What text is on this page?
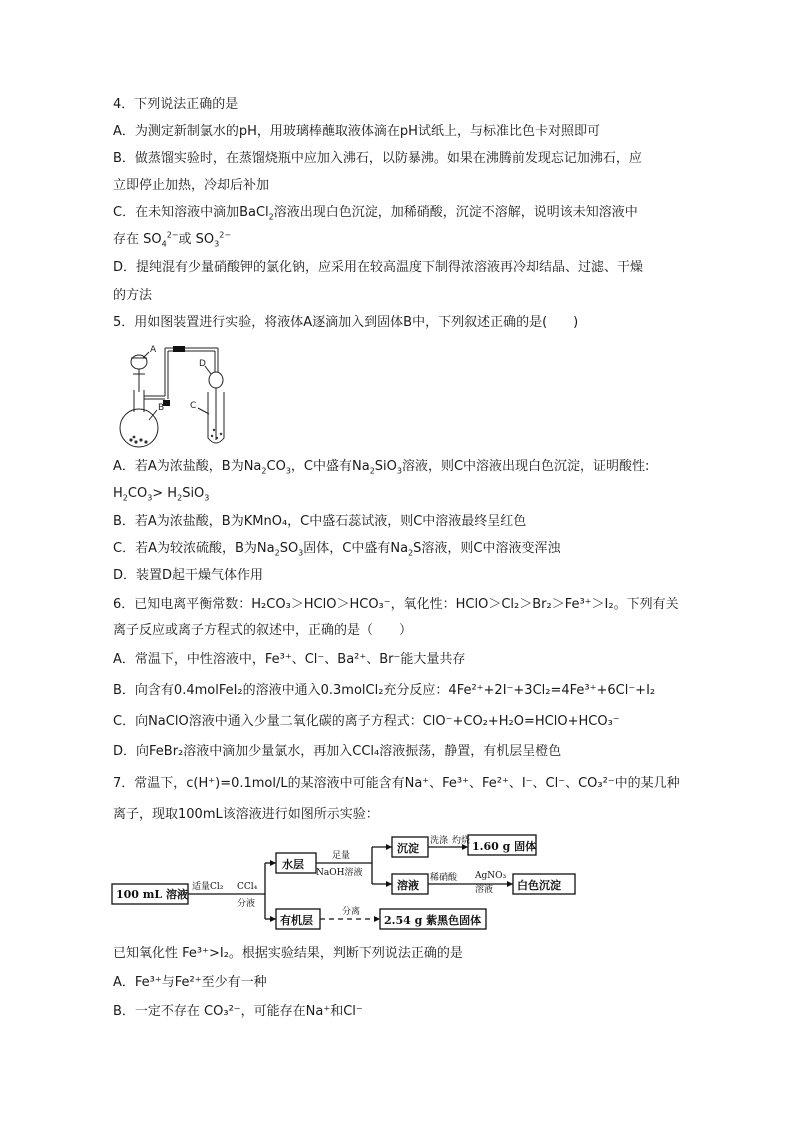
4．下列说法正确的是
A．为测定新制氯水的pH，用玻璃棒蘸取液体滴在pH试纸上，与标准比色卡对照即可
B．做蒸馏实验时，在蒸馏烧瓶中应加入沸石，以防暴沸。如果在沸腾前发现忘记加沸石，应
立即停止加热，冷却后补加
C．在未知溶液中滴加BaCl$_2$溶液出现白色沉淀，加稀硝酸，沉淀不溶解，说明该未知溶液中
存在 $SO_4^{2-}$或 $SO_3^{2-}$
D．提纯混有少量硝酸钾的氯化钠，应采用在较高温度下制得浓溶液再冷却结晶、过滤、干燥
的方法
5．用如图装置进行实验，将液体A逐滴加入到固体B中，下列叙述正确的是(　　)
A
B	C
D
A．若A为浓盐酸，B为$Na_2CO_3$，C中盛有$Na_2SiO_3$溶液，则C中溶液出现白色沉淀，证明酸性:
$H_2CO_3> H_2SiO_3$
B．若A为浓盐酸，B为KMnO₄，C中盛石蕊试液，则C中溶液最终呈红色
C．若A为较浓硫酸，B为$Na_2SO_3$固体，C中盛有$Na_2S$溶液，则C中溶液变浑浊
D．装置D起干燥气体作用
6．已知电离平衡常数：H₂CO₃＞HClO＞HCO₃⁻，氧化性：HClO＞Cl₂＞Br₂＞Fe³⁺＞I₂。下列有关
离子反应或离子方程式的叙述中，正确的是（　　）
A．常温下，中性溶液中，Fe³⁺、Cl⁻、Ba²⁺、Br⁻能大量共存
B．向含有0.4molFeI₂的溶液中通入0.3molCl₂充分反应：4Fe²⁺+2I⁻+3Cl₂=4Fe³⁺+6Cl⁻+I₂
C．向NaClO溶液中通入少量二氧化碳的离子方程式：ClO⁻+CO₂+H₂O=HClO+HCO₃⁻
D．向FeBr₂溶液中滴加少量氯水，再加入CCl₄溶液振荡，静置，有机层呈橙色
7．常温下，c(H⁺)=0.1mol/L的某溶液中可能含有Na⁺、Fe³⁺、Fe²⁺、I⁻、Cl⁻、CO₃²⁻中的某几种
离子，现取100mL该溶液进行如图所示实验：
100 mL 溶液
水层
有机层
沉淀	1.60 g 固体
溶液	白色沉淀
2.54 g 紫黑色固体
适量Cl₂ CCl₄
分液
足量
NaOH溶液
洗涤 灼烧
稀硝酸 AgNO₃
溶液
分离
已知氧化性 Fe³⁺>I₂。根据实验结果，判断下列说法正确的是
A．Fe³⁺与Fe²⁺至少有一种
B．一定不存在 CO₃²⁻，可能存在Na⁺和Cl⁻
